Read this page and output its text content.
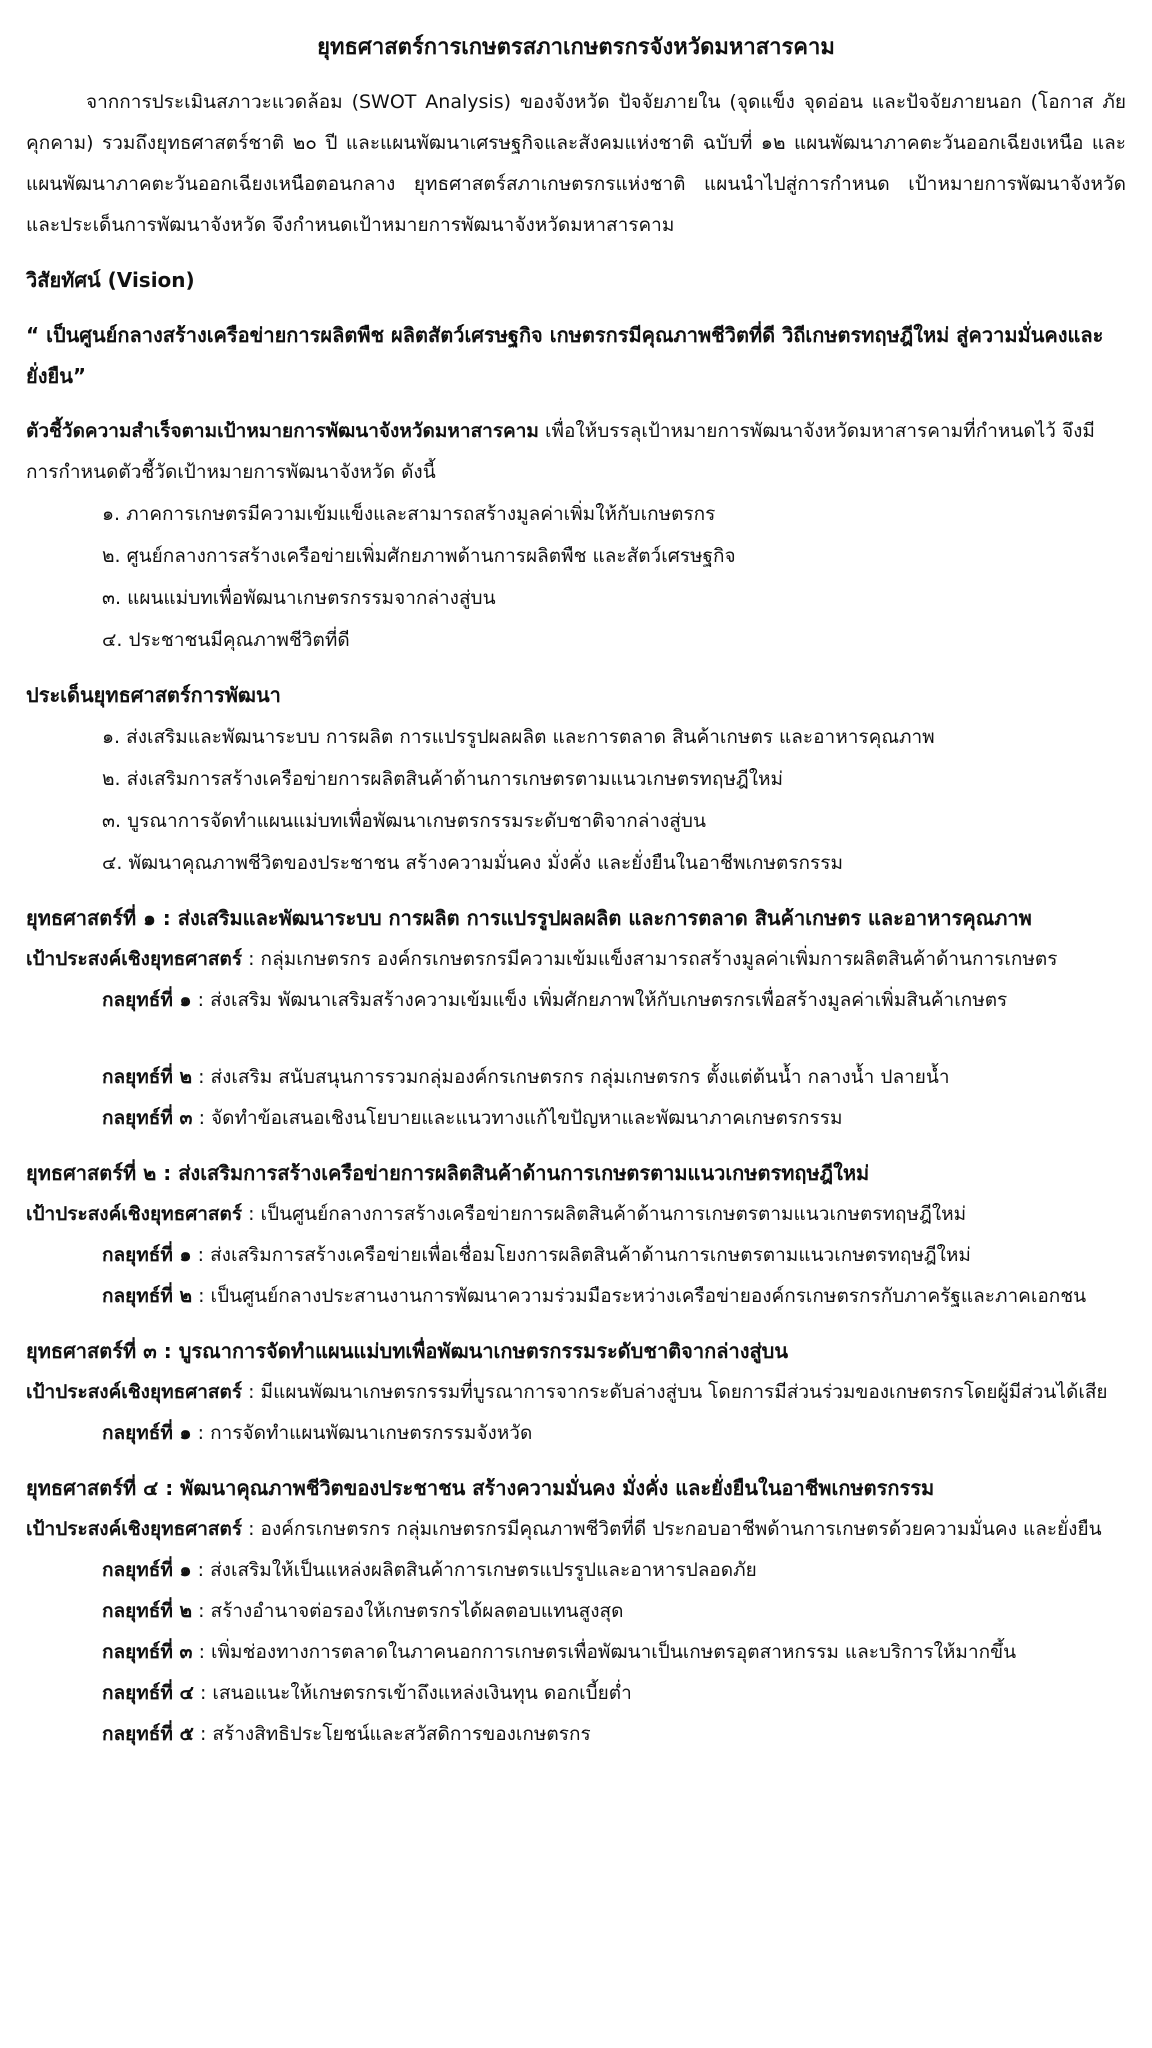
ยุทธศาสตร์การเกษตรสภาเกษตรกรจังหวัดมหาสารคาม

จากการประเมินสภาวะแวดล้อม (SWOT Analysis) ของจังหวัด ปัจจัยภายใน (จุดแข็ง จุดอ่อน และปัจจัยภายนอก (โอกาส ภัยคุกคาม) รวมถึงยุทธศาสตร์ชาติ ๒๐ ปี และแผนพัฒนาเศรษฐกิจและสังคมแห่งชาติ ฉบับที่ ๑๒ แผนพัฒนาภาคตะวันออกเฉียงเหนือ และแผนพัฒนาภาคตะวันออกเฉียงเหนือตอนกลาง ยุทธศาสตร์สภาเกษตรกรแห่งชาติ แผนนำไปสู่การกำหนด เป้าหมายการพัฒนาจังหวัด และประเด็นการพัฒนาจังหวัด จึงกำหนดเป้าหมายการพัฒนาจังหวัดมหาสารคาม

วิสัยทัศน์ (Vision)

“ เป็นศูนย์กลางสร้างเครือข่ายการผลิตพืช ผลิตสัตว์เศรษฐกิจ เกษตรกรมีคุณภาพชีวิตที่ดี วิถีเกษตรทฤษฎีใหม่ สู่ความมั่นคงและยั่งยืน”

ตัวชี้วัดความสำเร็จตามเป้าหมายการพัฒนาจังหวัดมหาสารคาม เพื่อให้บรรลุเป้าหมายการพัฒนาจังหวัดมหาสารคามที่กำหนดไว้ จึงมีการกำหนดตัวชี้วัดเป้าหมายการพัฒนาจังหวัด ดังนี้

๑. ภาคการเกษตรมีความเข้มแข็งและสามารถสร้างมูลค่าเพิ่มให้กับเกษตรกร
๒. ศูนย์กลางการสร้างเครือข่ายเพิ่มศักยภาพด้านการผลิตพืช และสัตว์เศรษฐกิจ
๓. แผนแม่บทเพื่อพัฒนาเกษตรกรรมจากล่างสู่บน
๔. ประชาชนมีคุณภาพชีวิตที่ดี

ประเด็นยุทธศาสตร์การพัฒนา

๑. ส่งเสริมและพัฒนาระบบ การผลิต การแปรรูปผลผลิต และการตลาด สินค้าเกษตร และอาหารคุณภาพ
๒. ส่งเสริมการสร้างเครือข่ายการผลิตสินค้าด้านการเกษตรตามแนวเกษตรทฤษฎีใหม่
๓. บูรณาการจัดทำแผนแม่บทเพื่อพัฒนาเกษตรกรรมระดับชาติจากล่างสู่บน
๔. พัฒนาคุณภาพชีวิตของประชาชน สร้างความมั่นคง มั่งคั่ง และยั่งยืนในอาชีพเกษตรกรรม

ยุทธศาสตร์ที่ ๑ : ส่งเสริมและพัฒนาระบบ การผลิต การแปรรูปผลผลิต และการตลาด สินค้าเกษตร และอาหารคุณภาพ

เป้าประสงค์เชิงยุทธศาสตร์ : กลุ่มเกษตรกร องค์กรเกษตรกรมีความเข้มแข็งสามารถสร้างมูลค่าเพิ่มการผลิตสินค้าด้านการเกษตร

กลยุทธ์ที่ ๑ : ส่งเสริม พัฒนาเสริมสร้างความเข้มแข็ง เพิ่มศักยภาพให้กับเกษตรกรเพื่อสร้างมูลค่าเพิ่มสินค้าเกษตร

กลยุทธ์ที่ ๒ : ส่งเสริม สนับสนุนการรวมกลุ่มองค์กรเกษตรกร กลุ่มเกษตรกร ตั้งแต่ต้นน้ำ กลางน้ำ ปลายน้ำ

กลยุทธ์ที่ ๓ : จัดทำข้อเสนอเชิงนโยบายและแนวทางแก้ไขปัญหาและพัฒนาภาคเกษตรกรรม

ยุทธศาสตร์ที่ ๒ : ส่งเสริมการสร้างเครือข่ายการผลิตสินค้าด้านการเกษตรตามแนวเกษตรทฤษฎีใหม่

เป้าประสงค์เชิงยุทธศาสตร์ : เป็นศูนย์กลางการสร้างเครือข่ายการผลิตสินค้าด้านการเกษตรตามแนวเกษตรทฤษฎีใหม่

กลยุทธ์ที่ ๑ : ส่งเสริมการสร้างเครือข่ายเพื่อเชื่อมโยงการผลิตสินค้าด้านการเกษตรตามแนวเกษตรทฤษฎีใหม่

กลยุทธ์ที่ ๒ : เป็นศูนย์กลางประสานงานการพัฒนาความร่วมมือระหว่างเครือข่ายองค์กรเกษตรกรกับภาครัฐและภาคเอกชน

ยุทธศาสตร์ที่ ๓ : บูรณาการจัดทำแผนแม่บทเพื่อพัฒนาเกษตรกรรมระดับชาติจากล่างสู่บน

เป้าประสงค์เชิงยุทธศาสตร์ : มีแผนพัฒนาเกษตรกรรมที่บูรณาการจากระดับล่างสู่บน โดยการมีส่วนร่วมของเกษตรกรโดยผู้มีส่วนได้เสีย

กลยุทธ์ที่ ๑ : การจัดทำแผนพัฒนาเกษตรกรรมจังหวัด

ยุทธศาสตร์ที่ ๔ : พัฒนาคุณภาพชีวิตของประชาชน สร้างความมั่นคง มั่งคั่ง และยั่งยืนในอาชีพเกษตรกรรม

เป้าประสงค์เชิงยุทธศาสตร์ : องค์กรเกษตรกร กลุ่มเกษตรกรมีคุณภาพชีวิตที่ดี ประกอบอาชีพด้านการเกษตรด้วยความมั่นคง และยั่งยืน

กลยุทธ์ที่ ๑ : ส่งเสริมให้เป็นแหล่งผลิตสินค้าการเกษตรแปรรูปและอาหารปลอดภัย

กลยุทธ์ที่ ๒ : สร้างอำนาจต่อรองให้เกษตรกรได้ผลตอบแทนสูงสุด

กลยุทธ์ที่ ๓ : เพิ่มช่องทางการตลาดในภาคนอกการเกษตรเพื่อพัฒนาเป็นเกษตรอุตสาหกรรม และบริการให้มากขึ้น

กลยุทธ์ที่ ๔ : เสนอแนะให้เกษตรกรเข้าถึงแหล่งเงินทุน ดอกเบี้ยต่ำ

กลยุทธ์ที่ ๕ : สร้างสิทธิประโยชน์และสวัสดิการของเกษตรกร
